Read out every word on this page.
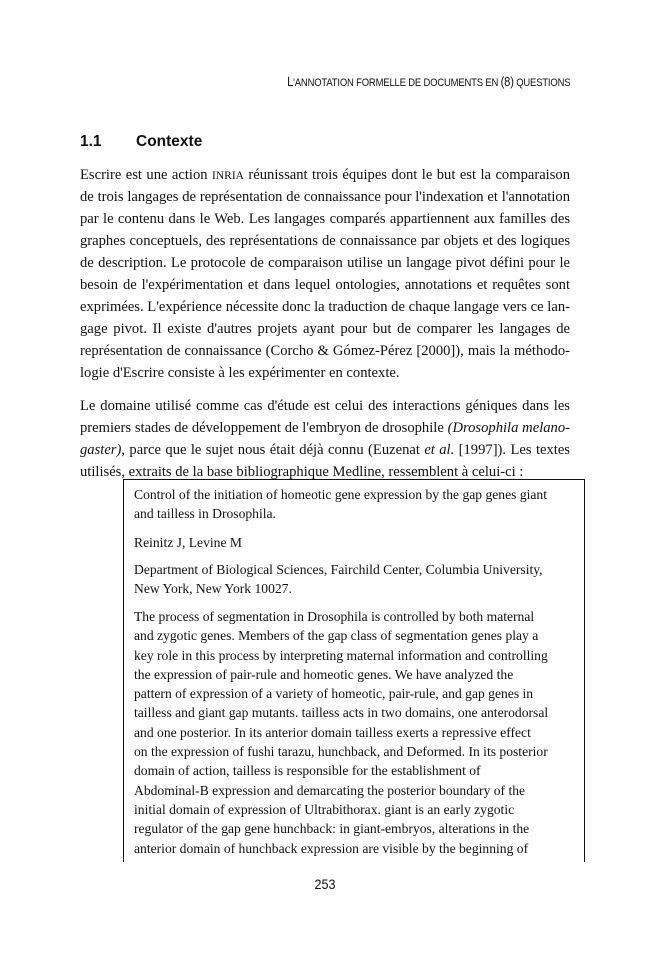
L'ANNOTATION FORMELLE DE DOCUMENTS EN (8) QUESTIONS
1.1 Contexte
Escrire est une action INRIA réunissant trois équipes dont le but est la comparaison
de trois langages de représentation de connaissance pour l'indexation et l'annotation
par le contenu dans le Web. Les langages comparés appartiennent aux familles des
graphes conceptuels, des représentations de connaissance par objets et des logiques
de description. Le protocole de comparaison utilise un langage pivot défini pour le
besoin de l'expérimentation et dans lequel ontologies, annotations et requêtes sont
exprimées. L'expérience nécessite donc la traduction de chaque langage vers ce lan-
gage pivot. Il existe d'autres projets ayant pour but de comparer les langages de
représentation de connaissance (Corcho & Gómez-Pérez [2000]), mais la méthodo-
logie d'Escrire consiste à les expérimenter en contexte.
Le domaine utilisé comme cas d'étude est celui des interactions géniques dans les
premiers stades de développement de l'embryon de drosophile (Drosophila melano-
gaster), parce que le sujet nous était déjà connu (Euzenat et al. [1997]). Les textes
utilisés, extraits de la base bibliographique Medline, ressemblent à celui-ci :
Control of the initiation of homeotic gene expression by the gap genes giant
and tailless in Drosophila.
Reinitz J, Levine M
Department of Biological Sciences, Fairchild Center, Columbia University,
New York, New York 10027.
The process of segmentation in Drosophila is controlled by both maternal
and zygotic genes. Members of the gap class of segmentation genes play a
key role in this process by interpreting maternal information and controlling
the expression of pair-rule and homeotic genes. We have analyzed the
pattern of expression of a variety of homeotic, pair-rule, and gap genes in
tailless and giant gap mutants. tailless acts in two domains, one anterodorsal
and one posterior. In its anterior domain tailless exerts a repressive effect
on the expression of fushi tarazu, hunchback, and Deformed. In its posterior
domain of action, tailless is responsible for the establishment of
Abdominal-B expression and demarcating the posterior boundary of the
initial domain of expression of Ultrabithorax. giant is an early zygotic
regulator of the gap gene hunchback: in giant-embryos, alterations in the
anterior domain of hunchback expression are visible by the beginning of
253
